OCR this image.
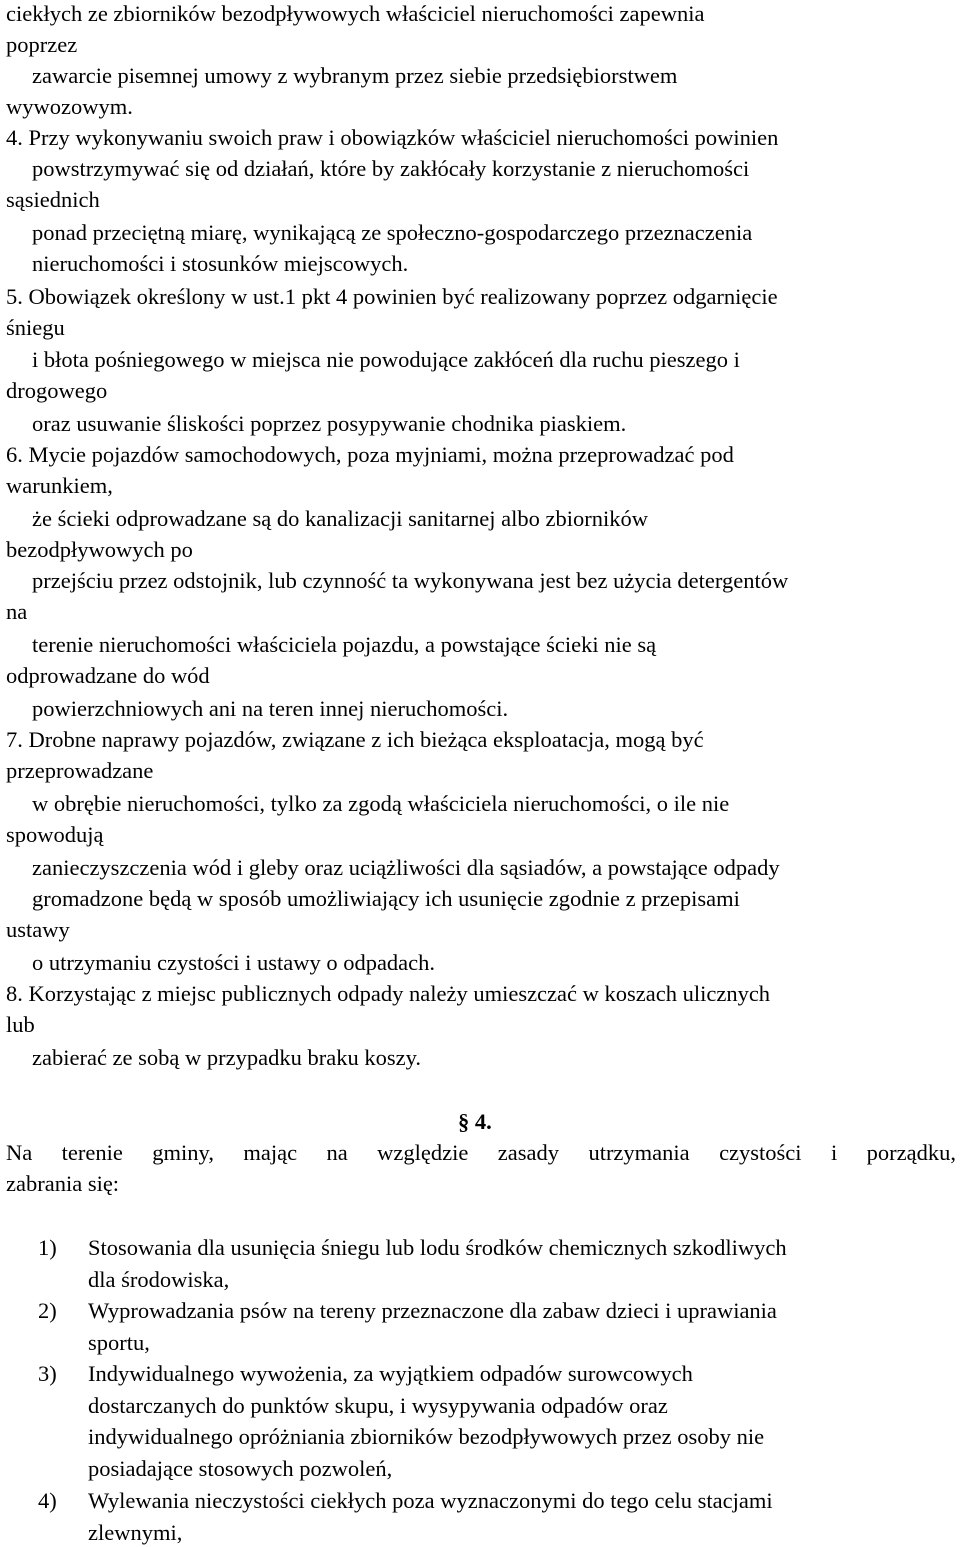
ciekłych ze zbiorników bezodpływowych właściciel nieruchomości zapewnia
poprzez
zawarcie pisemnej umowy z wybranym przez siebie przedsiębiorstwem
wywozowym.
4. Przy wykonywaniu swoich praw i obowiązków właściciel nieruchomości powinien
powstrzymywać się od działań, które by zakłócały korzystanie z nieruchomości
sąsiednich
ponad przeciętną miarę, wynikającą ze społeczno-gospodarczego przeznaczenia
nieruchomości i stosunków miejscowych.
5. Obowiązek określony w ust.1 pkt 4 powinien być realizowany poprzez odgarnięcie
śniegu
i błota pośniegowego w miejsca nie powodujące zakłóceń dla ruchu pieszego i
drogowego
oraz usuwanie śliskości poprzez posypywanie chodnika piaskiem.
6. Mycie pojazdów samochodowych, poza myjniami, można przeprowadzać pod
warunkiem,
że ścieki odprowadzane są do kanalizacji sanitarnej albo zbiorników
bezodpływowych po
przejściu przez odstojnik, lub czynność ta wykonywana jest bez użycia detergentów
na
terenie nieruchomości właściciela pojazdu, a powstające ścieki nie są
odprowadzane do wód
powierzchniowych ani na teren innej nieruchomości.
7. Drobne naprawy pojazdów, związane z ich bieżąca eksploatacja, mogą być
przeprowadzane
w obrębie nieruchomości, tylko za zgodą właściciela nieruchomości, o ile nie
spowodują
zanieczyszczenia wód i gleby oraz uciążliwości dla sąsiadów, a powstające odpady
gromadzone będą w sposób umożliwiający ich usunięcie zgodnie z przepisami
ustawy
o utrzymaniu czystości i ustawy o odpadach.
8. Korzystając z miejsc publicznych odpady należy umieszczać w koszach ulicznych
lub
zabierać ze sobą w przypadku braku koszy.
§ 4.
Na terenie gminy, mając na względzie zasady utrzymania czystości i porządku,
zabrania się:
1) Stosowania dla usunięcia śniegu lub lodu środków chemicznych szkodliwych
dla środowiska,
2) Wyprowadzania psów na tereny przeznaczone dla zabaw dzieci i uprawiania
sportu,
3) Indywidualnego wywożenia, za wyjątkiem odpadów surowcowych
dostarczanych do punktów skupu, i wysypywania odpadów oraz
indywidualnego opróżniania zbiorników bezodpływowych przez osoby nie
posiadające stosowych pozwoleń,
4) Wylewania nieczystości ciekłych poza wyznaczonymi do tego celu stacjami
zlewnymi,
